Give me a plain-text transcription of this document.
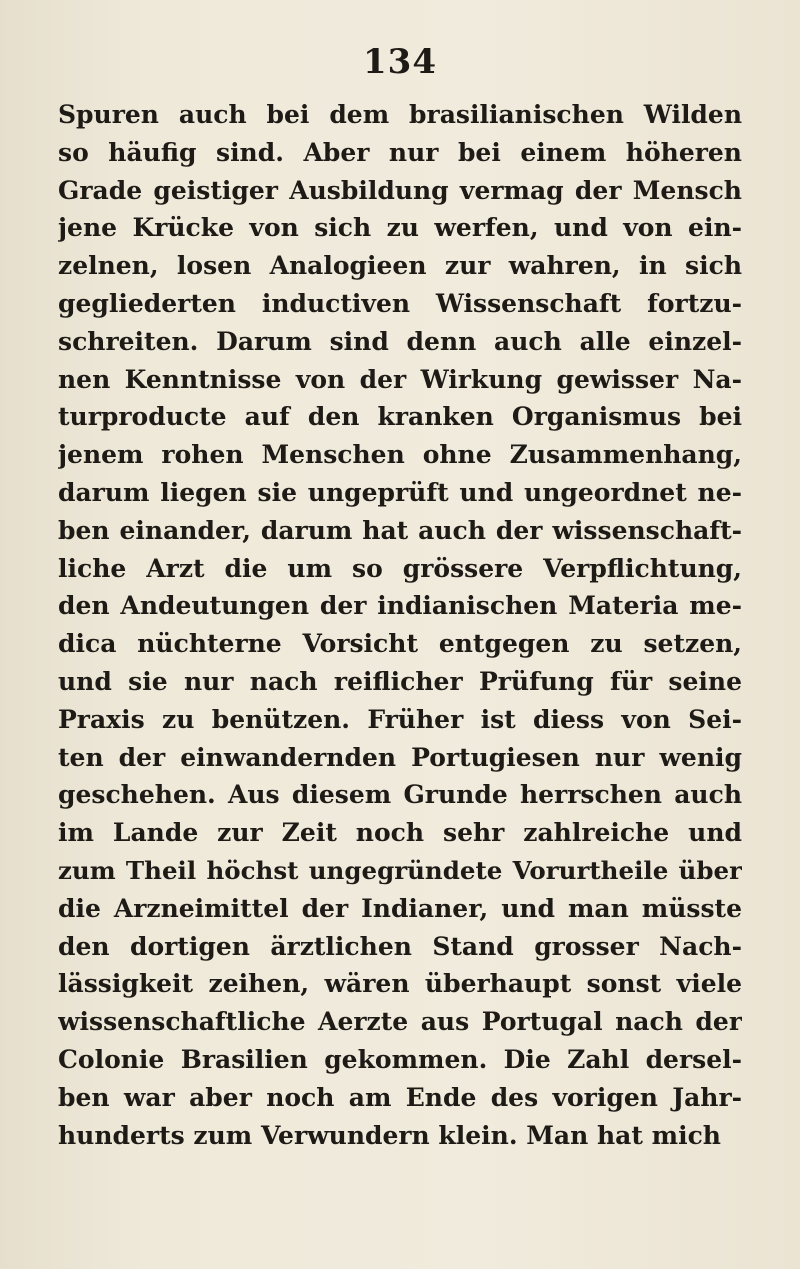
134
Spuren auch bei dem brasilianischen Wilden
so häufig sind. Aber nur bei einem höheren
Grade geistiger Ausbildung vermag der Mensch
jene Krücke von sich zu werfen, und von ein-
zelnen, losen Analogieen zur wahren, in sich
gegliederten inductiven Wissenschaft fortzu-
schreiten. Darum sind denn auch alle einzel-
nen Kenntnisse von der Wirkung gewisser Na-
turproducte auf den kranken Organismus bei
jenem rohen Menschen ohne Zusammenhang,
darum liegen sie ungeprüft und ungeordnet ne-
ben einander, darum hat auch der wissenschaft-
liche Arzt die um so grössere Verpflichtung,
den Andeutungen der indianischen Materia me-
dica nüchterne Vorsicht entgegen zu setzen,
und sie nur nach reiflicher Prüfung für seine
Praxis zu benützen. Früher ist diess von Sei-
ten der einwandernden Portugiesen nur wenig
geschehen. Aus diesem Grunde herrschen auch
im Lande zur Zeit noch sehr zahlreiche und
zum Theil höchst ungegründete Vorurtheile über
die Arzneimittel der Indianer, und man müsste
den dortigen ärztlichen Stand grosser Nach-
lässigkeit zeihen, wären überhaupt sonst viele
wissenschaftliche Aerzte aus Portugal nach der
Colonie Brasilien gekommen. Die Zahl dersel-
ben war aber noch am Ende des vorigen Jahr-
hunderts zum Verwundern klein. Man hat mich
